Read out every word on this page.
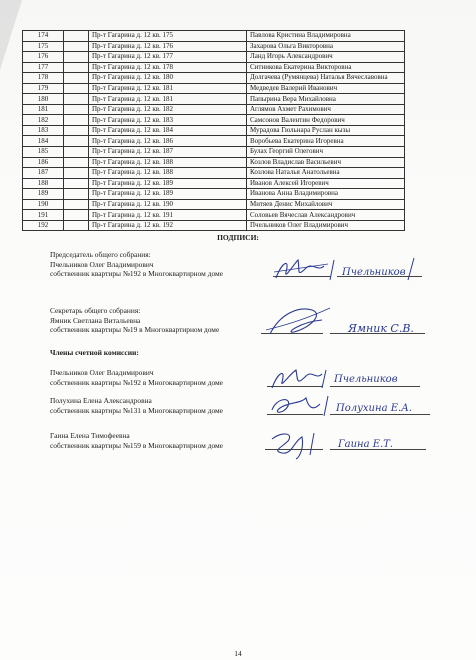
174		Пр-т Гагарина д. 12 кв. 175	Павлова Кристина Владимировна
175		Пр-т Гагарина д. 12 кв. 176	Захарова Ольга Викторовна
176		Пр-т Гагарина д. 12 кв. 177	Ланд Игорь Александрович
177		Пр-т Гагарина д. 12 кв. 178	Ситникова Екатерина Викторовна
178		Пр-т Гагарина д. 12 кв. 180	Долгачева (Румянцева) Наталья Вячеславовна
179		Пр-т Гагарина д. 12 кв. 181	Медведев Валерий Иванович
180		Пр-т Гагарина д. 12 кв. 181	Папырина Вера Михайловна
181		Пр-т Гагарина д. 12 кв. 182	Аглямов Ахмет Рахимович
182		Пр-т Гагарина д. 12 кв. 183	Самсонов Валентин Федорович
183		Пр-т Гагарина д. 12 кв. 184	Мурадова Гюльнара Руслан кызы
184		Пр-т Гагарина д. 12 кв. 186	Воробьева Екатерина Игоревна
185		Пр-т Гагарина д. 12 кв. 187	Булах Георгий Олегович
186		Пр-т Гагарина д. 12 кв. 188	Козлов Владислав Васильевич
187		Пр-т Гагарина д. 12 кв. 188	Козлова Наталья Анатольевна
188		Пр-т Гагарина д. 12 кв. 189	Иванов Алексей Игоревич
189		Пр-т Гагарина д. 12 кв. 189	Иванова Анна Владимировна
190		Пр-т Гагарина д. 12 кв. 190	Митяев Денис Михайлович
191		Пр-т Гагарина д. 12 кв. 191	Соловьев Вячеслав Александрович
192		Пр-т Гагарина д. 12 кв. 192	Пчельников Олег Владимирович
ПОДПИСИ:
Председатель общего собрания:
Пчельников Олег Владимирович
собственник квартиры №192 в Многоквартирном доме	Пчельников
Секретарь общего собрания:
Ямник Светлана Витальевна
собственник квартиры №19 в Многоквартирном доме	Ямник С.В.
Члены счетной комиссии:
Пчельников Олег Владимирович
собственник квартиры №192 в Многоквартирном доме	Пчельников
Полухина Елена Александровна
собственник квартиры №131 в Многоквартирном доме	Полухина Е.А.
Гаина Елена Тимофеевна
собственник квартиры №159 в Многоквартирном доме	Гаина Е.Т.
14
